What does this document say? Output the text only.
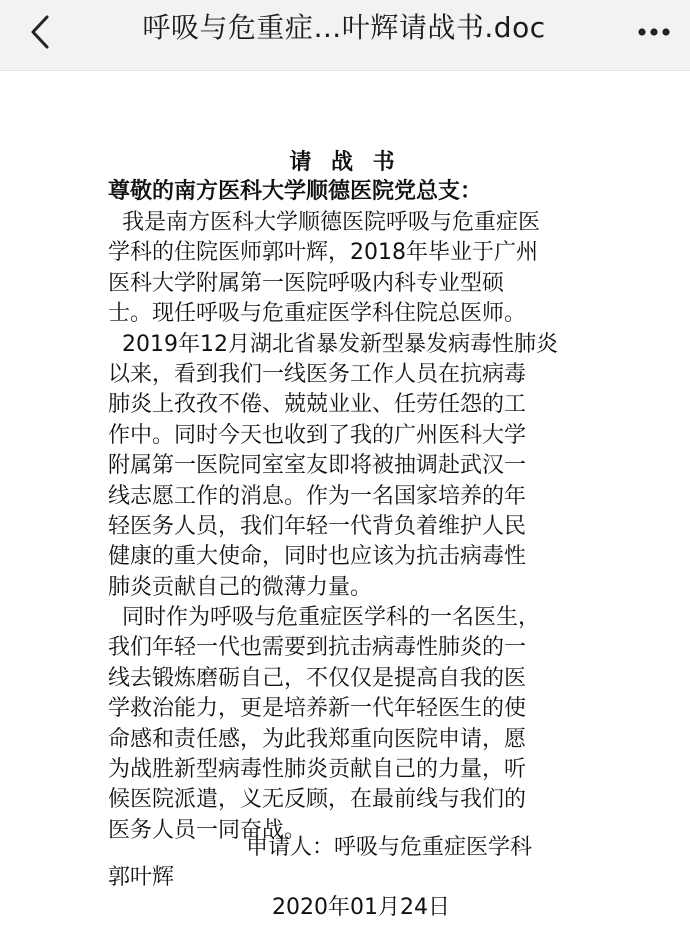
呼吸与危重症…叶辉请战书.doc
请 战 书
尊敬的南方医科大学顺德医院党总支：
我是南方医科大学顺德医院呼吸与危重症医
学科的住院医师郭叶辉，2018年毕业于广州
医科大学附属第一医院呼吸内科专业型硕
士。现任呼吸与危重症医学科住院总医师。
2019年12月湖北省暴发新型暴发病毒性肺炎
以来，看到我们一线医务工作人员在抗病毒
肺炎上孜孜不倦、兢兢业业、任劳任怨的工
作中。同时今天也收到了我的广州医科大学
附属第一医院同室室友即将被抽调赴武汉一
线志愿工作的消息。作为一名国家培养的年
轻医务人员，我们年轻一代背负着维护人民
健康的重大使命，同时也应该为抗击病毒性
肺炎贡献自己的微薄力量。
同时作为呼吸与危重症医学科的一名医生，
我们年轻一代也需要到抗击病毒性肺炎的一
线去锻炼磨砺自己，不仅仅是提高自我的医
学救治能力，更是培养新一代年轻医生的使
命感和责任感，为此我郑重向医院申请，愿
为战胜新型病毒性肺炎贡献自己的力量，听
候医院派遣，义无反顾，在最前线与我们的
医务人员一同奋战。
申请人：呼吸与危重症医学科
郭叶辉
2020年01月24日
